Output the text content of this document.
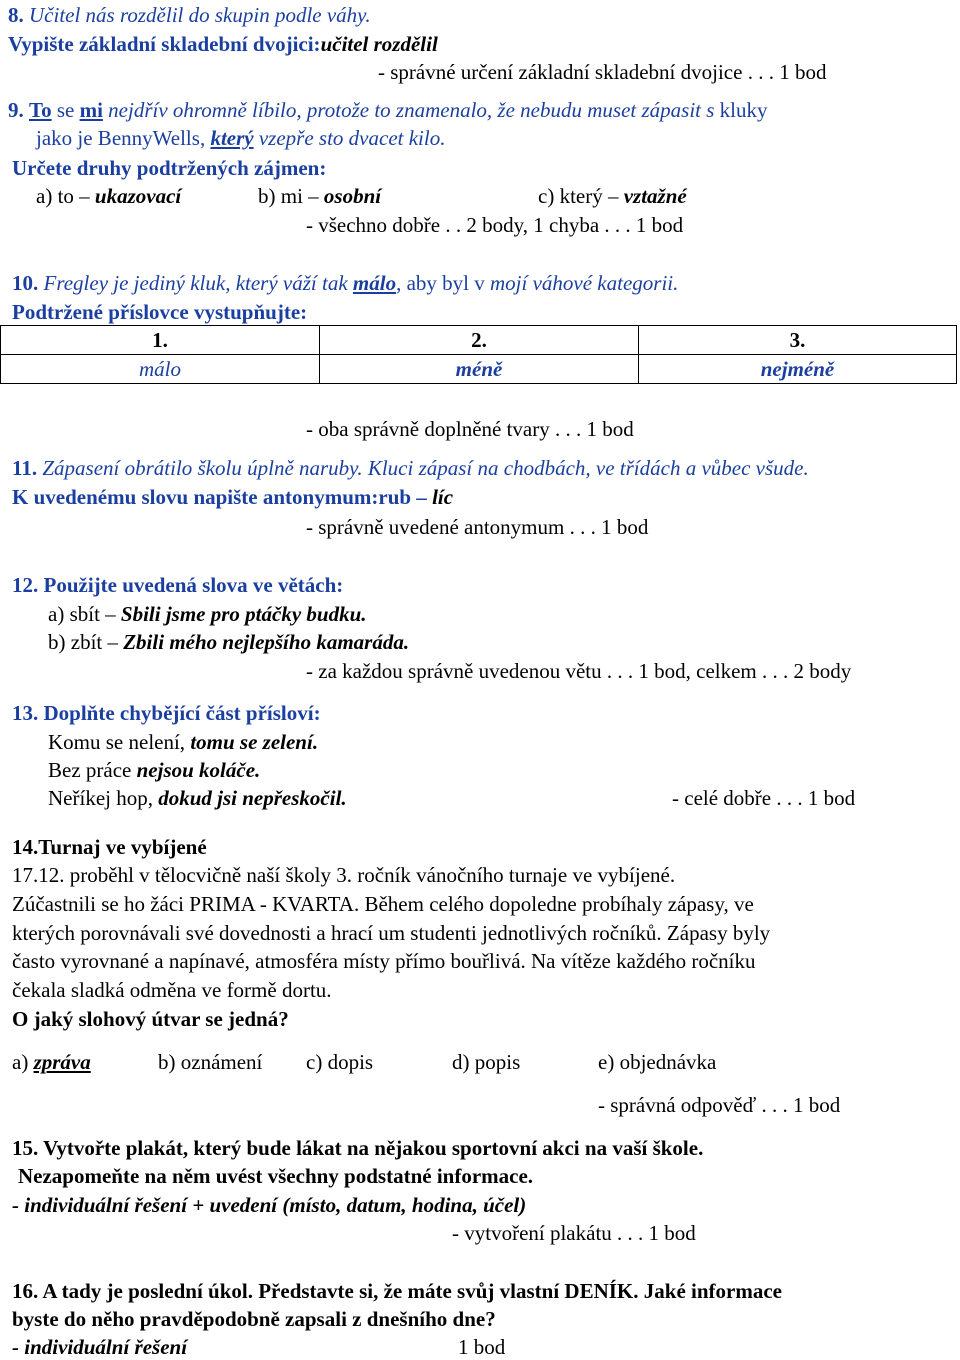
8. Učitel nás rozdělil do skupin podle váhy.
Vypište základní skladební dvojici:učitel rozdělil
- správné určení základní skladební dvojice . . . 1 bod
9. To se mi nejdřív ohromně líbilo, protože to znamenalo, že nebudu muset zápasit s kluky
jako je BennyWells, který vzepře sto dvacet kilo.
Určete druhy podtržených zájmen:
a) to – ukazovací	b) mi – osobní	c) který – vztažné
- všechno dobře . . 2 body, 1 chyba . . . 1 bod
10. Fregley je jediný kluk, který váží tak málo, aby byl v mojí váhové kategorii.
Podtržené příslovce vystupňujte:
1.	2.	3.
málo	méně	nejméně
- oba správně doplněné tvary . . . 1 bod
11. Zápasení obrátilo školu úplně naruby. Kluci zápasí na chodbách, ve třídách a vůbec všude.
K uvedenému slovu napište antonymum:rub – líc
- správně uvedené antonymum . . . 1 bod
12. Použijte uvedená slova ve větách:
a) sbít – Sbili jsme pro ptáčky budku.
b) zbít – Zbili mého nejlepšího kamaráda.
- za každou správně uvedenou větu . . . 1 bod, celkem . . . 2 body
13. Doplňte chybějící část přísloví:
Komu se nelení, tomu se zelení.
Bez práce nejsou koláče.
Neříkej hop, dokud jsi nepřeskočil.	- celé dobře . . . 1 bod
14.Turnaj ve vybíjené
17.12. proběhl v tělocvičně naší školy 3. ročník vánočního turnaje ve vybíjené.
Zúčastnili se ho žáci PRIMA - KVARTA. Během celého dopoledne probíhaly zápasy, ve
kterých porovnávali své dovednosti a hrací um studenti jednotlivých ročníků. Zápasy byly
často vyrovnané a napínavé, atmosféra místy přímo bouřlivá. Na vítěze každého ročníku
čekala sladká odměna ve formě dortu.
O jaký slohový útvar se jedná?
a) zpráva	b) oznámení c) dopis	d) popis	e) objednávka
- správná odpověď . . . 1 bod
15. Vytvořte plakát, který bude lákat na nějakou sportovní akci na vaší škole.
Nezapomeňte na něm uvést všechny podstatné informace.
- individuální řešení + uvedení (místo, datum, hodina, účel)
- vytvoření plakátu . . . 1 bod
16. A tady je poslední úkol. Představte si, že máte svůj vlastní DENÍK. Jaké informace
byste do něho pravděpodobně zapsali z dnešního dne?
- individuální řešení	1 bod
